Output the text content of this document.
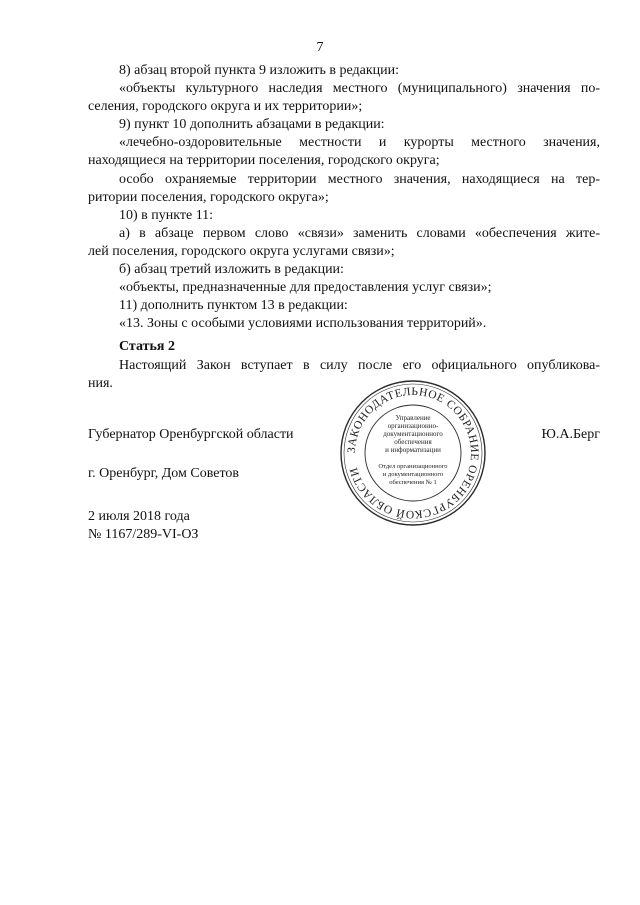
7
8) абзац второй пункта 9 изложить в редакции:
«объекты культурного наследия местного (муниципального) значения по-
селения, городского округа и их территории»;
9) пункт 10 дополнить абзацами в редакции:
«лечебно-оздоровительные местности и курорты местного значения,
находящиеся на территории поселения, городского округа;
особо охраняемые территории местного значения, находящиеся на тер-
ритории поселения, городского округа»;
10) в пункте 11:
а) в абзаце первом слово «связи» заменить словами «обеспечения жите-
лей поселения, городского округа услугами связи»;
б) абзац третий изложить в редакции:
«объекты, предназначенные для предоставления услуг связи»;
11) дополнить пунктом 13 в редакции:
«13. Зоны с особыми условиями использования территорий».
Статья 2
Настоящий Закон вступает в силу после его официального опубликова-
ния.
ЗАКОНОДАТЕЛЬНОЕ СОБРАНИЕ ОРЕНБУРГСКОЙ ОБЛАСТИ
Управление
организационно-
документационного
обеспечения
и информатизации
Отдел организационного
и документационного
обеспечения № 1
Губернатор Оренбургской области	Ю.А.Берг
г. Оренбург, Дом Советов
2 июля 2018 года
№ 1167/289-VI-ОЗ
